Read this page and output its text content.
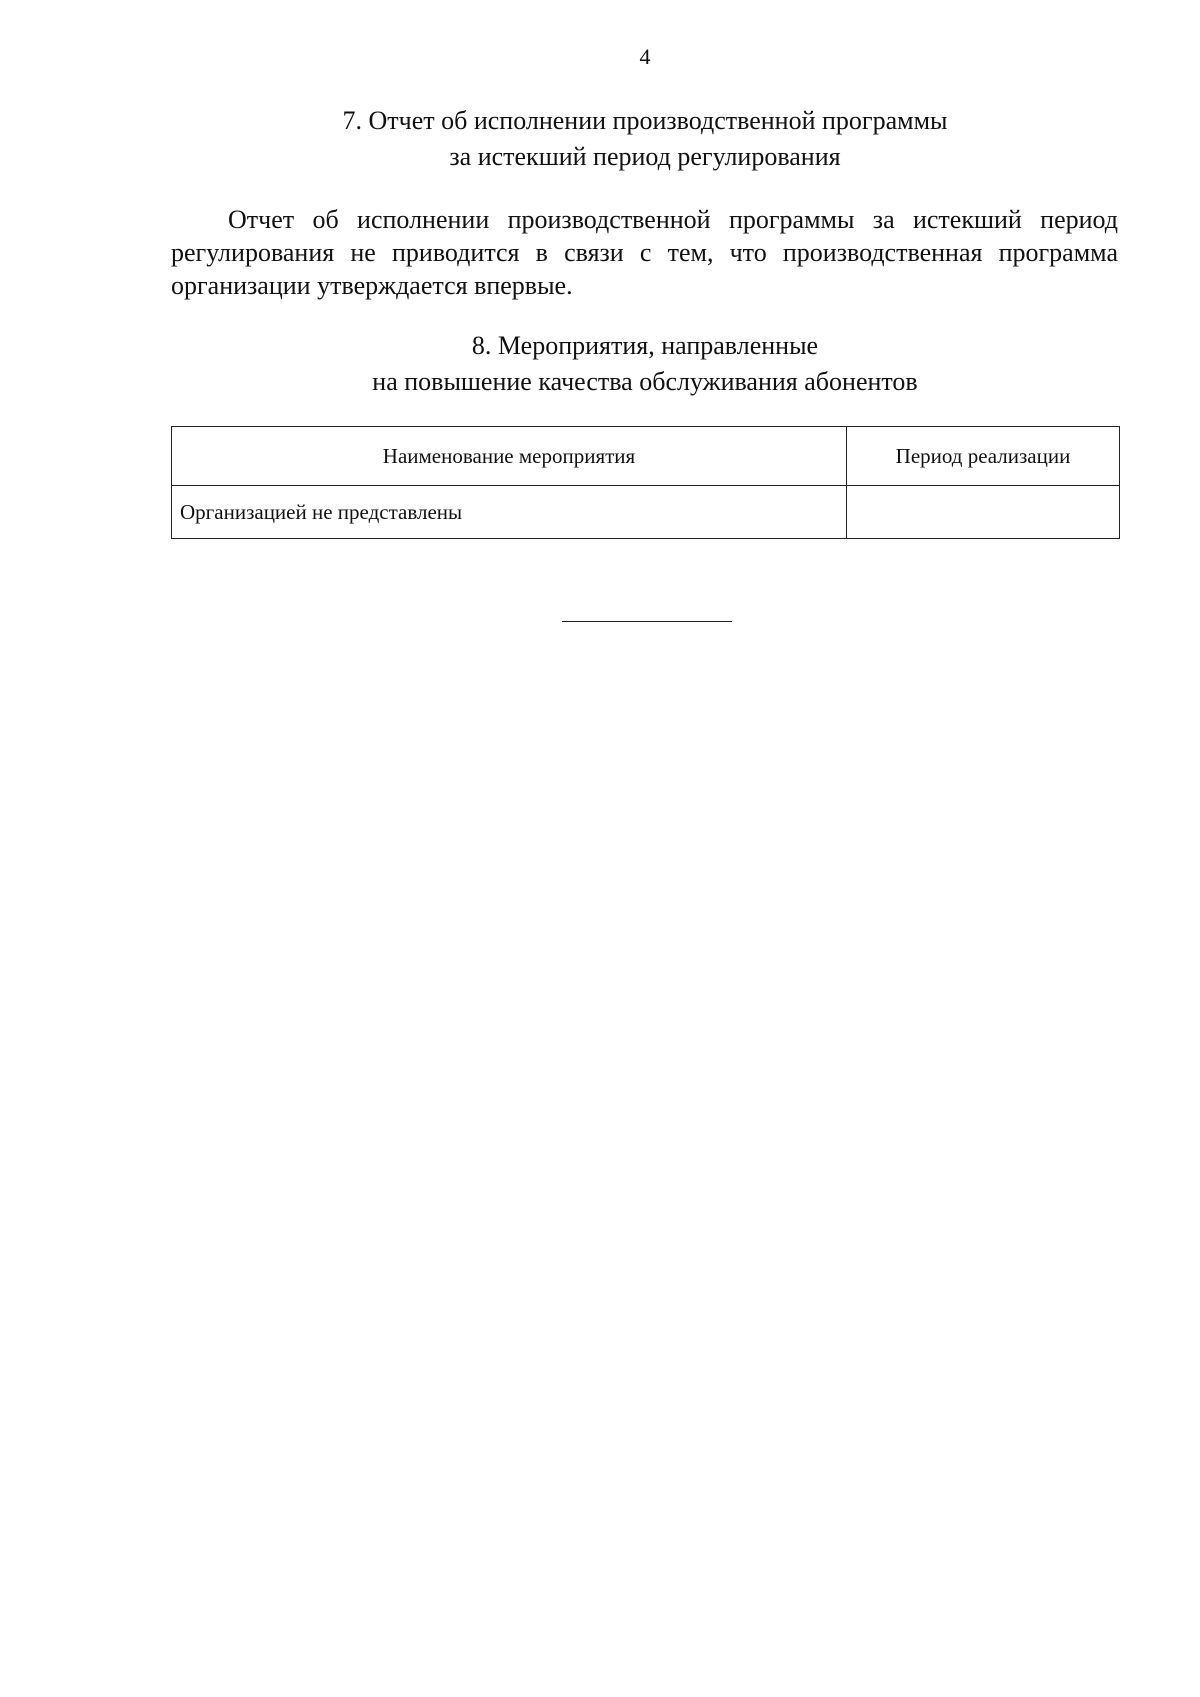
4
7. Отчет об исполнении производственной программы
за истекший период регулирования

Отчет об исполнении производственной программы за истекший период
регулирования не приводится в связи с тем, что производственная программа
организации утверждается впервые.

8. Мероприятия, направленные
на повышение качества обслуживания абонентов
Наименование мероприятия	Период реализации
Организацией не представлены	
